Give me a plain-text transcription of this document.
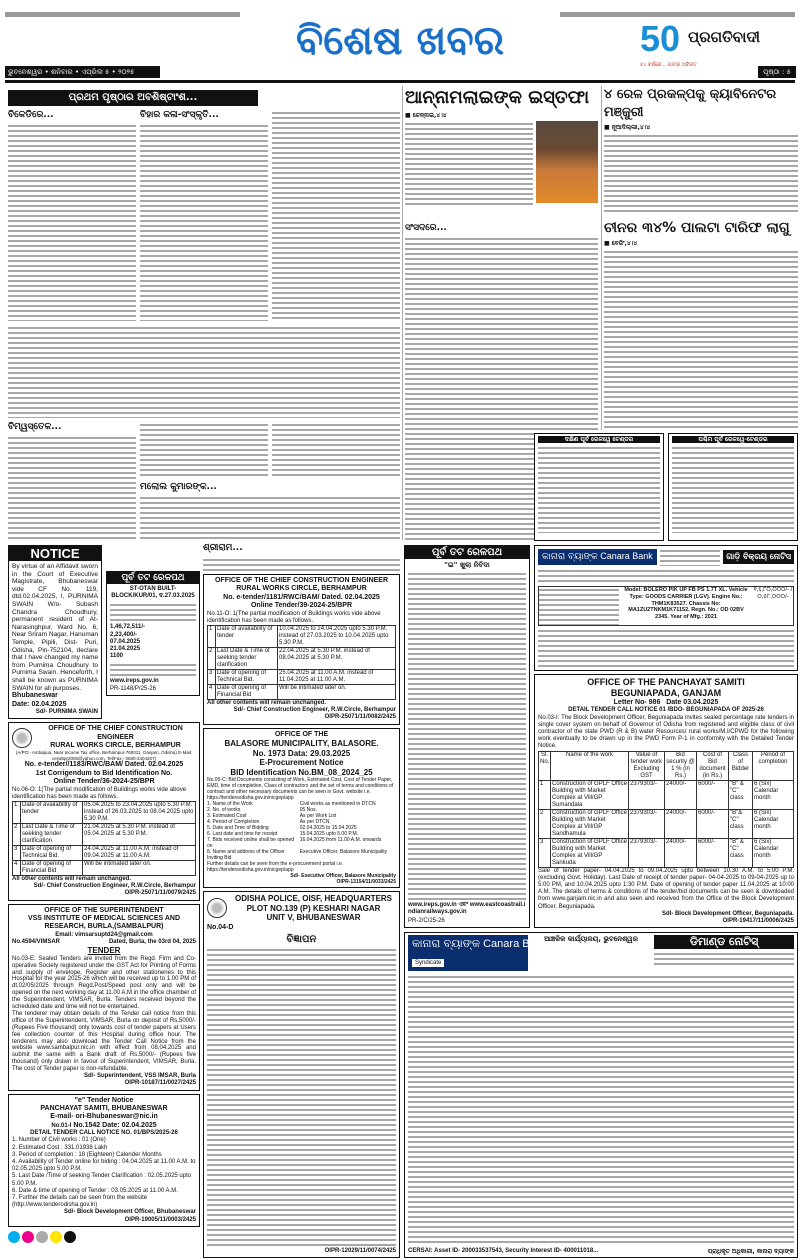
ବିଶେଷ ଖବର
ଭୁବନେଶ୍ୱର • ଶନିବାର • ଏପ୍ରିଲ ୫ • ୨୦୨୫
50
୫୪ ବର୍ଷରେ... ଯାତ୍ରା ଅବିରତ
ପ୍ରଗତିବାଦୀ
ପୃଷ୍ଠା : ୫
ପ୍ରଥମ ପୃଷ୍ଠାର ଅବଶିଷ୍ଟାଂଶ...
ବିକେଡିରେ...	ବିହାର କଳା-ସଂସ୍କୃତି...
ବିମ୍ୱସ୍ତେକ...
ମଲୋଲ କୁମାରଙ୍କ...
NOTICE
By virtue of an Affidavit sworn in the Court of Executive Magistrate, Bhubaneswar vide CF No. 119, dtd.02.04.2025, I, PURNIMA SWAIN W/o- Subash Chandra Choudhury, permanent resident of At- Narasinghpur, Ward No. 6, Near Sriram Nagar, Hanuman Temple, Pipili, Dist- Puri, Odisha, Pin-752104, declare that I have changed my name from Purnima Choudhury to Purnima Swain. Henceforth, I shall be known as PURNIMA SWAIN for all purposes.
Bhubaneswar
Date: 02.04.2025
Sd/- PURNIMA SWAIN
ପୂର୍ବ ତଟ ରେଳପଥ
ST-OTAN BUILT-BLOCK/KUR/01, ଦ.27.03.2025
1,46,72,511/-
2,23,400/-
07.04.2025
21.04.2025
1100
www.ireps.gov.in
PR-1148/P/25-26
OFFICE OF THE CHIEF CONSTRUCTION ENGINEER
RURAL WORKS CIRCLE, BERHAMPUR
(A/PO:- Ambapua, Near Income Tax office, Berhampur-760011, Ganjam, Odisha) E-Mail: cerwbpr2006@yahoo.com, Tel/Fax:- 0680-2404207)
No. e-tender//1183/RWC/BAM/ Dated. 02.04.2025
1st Corrigendum to Bid Identification No.
Online Tender/36-2024-25/BPR
No.06-O: 1(The partial modification of Buildings works vide above identification has been made as follows.
1	Date of availability of tender	05.04.2025 to 23.04.2025 upto 5.30 P.M. instead of 26.03.2025 to 08.04.2025 upto 5.30 P.M.
2	Last Date & Time of seeking tender clarification	21.04.2025 at 5.30 P.M. instead of 05.04.2025 at 5.30 P.M.
3	Date of opening of Technical Bid.	24.04.2025 at 11.00 A.M. instead of 09.04.2025 at 11.00 A.M.
4	Date of opening of Financial Bid	Will be intimated later on.
All other contents will remain unchanged.
Sd/- Chief Construction Engineer, R.W.Circle, Berhampur
OIPR-25071/11/0079/2425
OFFICE OF THE SUPERINTENDENT
VSS INSTITUTE OF MEDICAL SCIENCES AND RESEARCH, BURLA,(SAMBALPUR)
Email: vimsarsuptd24@gmail.com
No.4594/VIMSAR	Dated, Burla, the 03rd 04, 2025
TENDER
No.03-E: Sealed Tenders are invited from the Regd. Firm and Co-operative Society registered under the GST Act for Printing of Forms and supply of envelope, Register and other stationeries to this Hospital for the year 2025-26 which will be received up to 1.00 PM of dt.02/05/2025 through Regd.Post/Speed post only and will be opened on the next working day at 11.00 A.M in the office chamber of the Superintendent, VIMSAR, Burla. Tenders received beyond the scheduled date and time will not be entertained.
The tenderer may obtain details of the Tender call notice from this office of the Superintendent, VIMSAR, Burla on deposit of Rs.5000/- (Rupees Five thousand) only towards cost of tender papers at Users fee collection counter of this Hospital during office hour. The tenderers may also download the Tender Call Notice from the website www.sambalpur.nic.in with effect from 08.04.2025 and submit the same with a Bank draft of Rs.5000/- (Rupees five thousand) only drawn in favour of Superintendent, VIMSAR, Burla. The cost of Tender paper is non-refundable.
Sd/- Superintendent, VSS IMSAR, Burla
OIPR-10187/11/0027/2425
"e" Tender Notice
PANCHAYAT SAMITI, BHUBANESWAR
E-mail- ori-Bhubaneswar@nic.in
No.01-I No.1542 Date: 02.04.2025
DETAIL TENDER CALL NOTICE NO. 01/BPS/2025-26
1. Number of Civil works : 01 (One)
2. Estimated Cost : 331.01938 Lakh
3. Period of completion : 18 (Eighteen) Calender Months
4. Availability of Tender online for biding : 04.04.2025 at 11.00 A.M. to 02.05.2025 upto 5.00 P.M.
5. Last Date /Time of seeking Tender Clarification : 02.05.2025 upto 5.00 P.M.
6. Date & time of opening of Tender : 03.05.2025 at 11.00 A.M.
7. Further the details can be seen from the website (http://www.tenderodisha.gov.in)
Sd/- Block Development Officer, Bhubaneswar
OIPR-19005/11/0003/2425
ଶ୍ରୀରାମ...
OFFICE OF THE CHIEF CONSTRUCTION ENGINEER
RURAL WORKS CIRCLE, BERHAMPUR
No. e-tender/1181/RWC/BAM/ Dated. 02.04.2025
Online Tender/39-2024-25/BPR
No.11-O: 1(The partial modification of Buildings works vide above identification has been made as follows.
1	Date of availability of tender	10.04.2025 to 24.04.2025 upto 5.30 P.M. instead of 27.03.2025 to 10.04.2025 upto 5.30 P.M.
2	Last Date & Time of seeking tender clarification	22.04.2025 at 5.30 P.M. instead of 08.04.2025 at 5.30 P.M.
3	Date of opening of Technical Bid.	25.04.2025 at 11.00 A.M. instead of 11.04.2025 at 11.00 A.M.
4	Date of opening of Financial Bid	Will be intimated later on.
All other contents will remain unchanged.
Sd/- Chief Construction Engineer, R.W.Circle, Berhampur
OIPR-25071/11/0082/2425
OFFICE OF THE
BALASORE MUNICIPALITY, BALASORE.
No. 1973 Data: 29.03.2025
E-Procurement Notice
BID Identification No.BM_08_2024_25
No.05-C: Bid Documents consisting of Work, Estimated Cost, Cost of Tender Paper, EMD, time of completion, Class of contractors and the set of terms and conditions of contract and other necessary documents can be seen in Govt. website i.e. https://tendersodisha.gov.in/nicgep/app
1. Name of the Work	Civil works as mentioned in DTCN
2. No. of works	05 Nos.
3. Estimated Cost	As per Work List
4. Period of Completion	As per DTCN
5. Date and Time of Bidding	02.04.2025 to 15.04.2025
6. Last date and time for receipt	15.04.2025 upto 5.00 P.M.
7. Bids received online shall be opened on
16.04.2025 from 11.00 A.M. onwards
8. Name and address of the Officer Inviting Bid
Executive Officer, Balasore Municipality
Further details can be seen from the e-procurement portal i.e. https://tendersodisha.gov.in/nicgep/app
Sd/- Executive Officer, Balasore Municipality
OIPR-13154/11/0033/2425
ODISHA POLICE, OISF, HEADQUARTERS
PLOT NO.139 (P) KESHARI NAGAR
UNIT V, BHUBANESWAR
No.04-D
ବିଜ୍ଞାପନ
OIPR-12029/11/0074/2425
ଆନ୍ନାମଲାଇଙ୍କ ଇସ୍ତଫା
■ ଚେନ୍ନାଇ,୪।୪
ସଂସଦରେ...
୪ ରେଳ ପ୍ରକଳ୍ପକୁ କ୍ୟାବିନେଟର ମଞ୍ଜୁରୀ
■ ନୂଆଦିଲ୍ଲୀ,୪।୪
ଚୀନର ୩୪% ପାଲଟା ଟାରିଫ ଲାଗୁ
■ ବେଜିଂ,୪।୪
ଦକ୍ଷିଣ ପୂର୍ବ ରେଳୱେ ଟେଣ୍ଡର	ପଶ୍ଚିମ ପୂର୍ବ ରେଳୱେ-ଟେଣ୍ଡର
ପୂର୍ବ ତଟ ରେଳପଥ
"ଇ" ଖୁଲା ନିବିଦା
www.ireps.gov.in ଏବଂ www.eastcoastrail.indianrailways.gov.in
PR-2/C/25-26
କାନାରା ବ୍ୟାଙ୍କ Canara Bank	ଗାଡ଼ି ବିକ୍ରୟ ନୋଟିସ
Model: BOLERO PIK UP FB PS 1.7T XL. Vehicle Type: GOODS CARRIER (LGV). Engine No.: THM1K83527. Chassis No: MA1ZU2TNKM1K71152. Regn. No.: OD 02BV 2345. Year of Mfg.: 2021
୧,६,୮୦,୦୦୦/- / ୦,୫୮,୦୦୦/-
OFFICE OF THE PANCHAYAT SAMITI
BEGUNIAPADA, GANJAM
Letter No- 986 Date 03.04.2025
DETAIL TENDER CALL NOTICE 01 /BDO- BEGUNIAPADA OF 2025-26
No.03-I: The Block Development Officer, Beguniapada invites sealed percentage rate tenders in single cover system on behalf of Governor of Odisha from registered and eligible class of civil contractor of the state PWD (R & B) water Resources/ rural works/M.I/CPWD for the following work eventually to be drawn up in the PWD Form P-1 in conformity with the Detailed Tender Notice.
Sl. No.	Name of the work	Value of tender work Excluding GST	Bid security @ 1 % (in Rs.)	Cost of Bid document (in Rs.)	Class of Bidder	Period of completion
1	Construction of GPLF Office Building with Market Complex at Vill/GP Sumandala	2379303/-	24000/-	6000/-	"B" & "C" class	6 (Six) Calendar month
2	Construction of GPLF Office Building with Market Complex at Vill/GP Sandhamula	2379303/-	24000/-	6000/-	"B"& "C" class	6 (Six) Calendar month
3	Construction of GPLF Office Building with Market Complex at Vill/GP Sankuda	2379303/-	24000/-	6000/-	"B" & "C" class	6 (Six) Calendar month
Sale of tender paper- 04.04.2025 to 09.04.2025 upto between 10.30 A.M. to 5:00 P.M. (excluding Govt. Holiday). Last Date of receipt of tender paper- 04-04-2025 to 09-04-2025 up to 5:00 PM, and 10.04.2025 upto 1:30 P.M. Date of opening of tender paper 11.04.2025 at 10:00 A.M. The details of terms & conditions of the tender/bid documents can be seen & downloaded from www.ganjam.nic.in and also seen and received from the Office of the Block Development Officer, Beguniapada.
Sdl- Block Development Officer, Beguniapada.
OIPR-19417/11/0006/2425
କାନାରା ବ୍ୟାଙ୍କ Canara Bank
Syndicate
ଆଞ୍ଚଳିକ କାର୍ଯ୍ୟାଳୟ, ଭୁବନେଶ୍ୱର	ଡିମାଣ୍ଡ ନୋଟିସ୍
CERSAI: Asset ID- 200033537543, Security Interest ID- 400011018...	ପ୍ରାଧିକୃତ ଅଧିକାରୀ, କାନାରା ବ୍ୟାଙ୍କ
